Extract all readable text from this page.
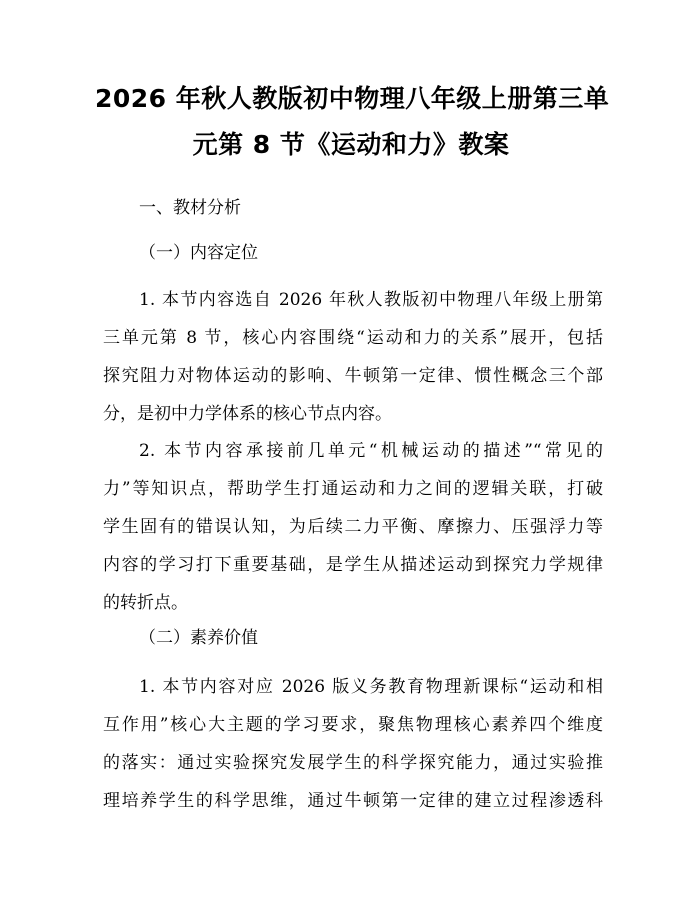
2026 年秋人教版初中物理八年级上册第三单
元第 8 节《运动和力》教案

一、教材分析

（一）内容定位

1. 本节内容选自 2026 年秋人教版初中物理八年级上册第
三单元第 8 节，核心内容围绕“运动和力的关系”展开，包括
探究阻力对物体运动的影响、牛顿第一定律、惯性概念三个部
分，是初中力学体系的核心节点内容。
2. 本节内容承接前几单元“机械运动的描述”“常见的
力”等知识点，帮助学生打通运动和力之间的逻辑关联，打破
学生固有的错误认知，为后续二力平衡、摩擦力、压强浮力等
内容的学习打下重要基础，是学生从描述运动到探究力学规律
的转折点。

（二）素养价值

1. 本节内容对应 2026 版义务教育物理新课标“运动和相
互作用”核心大主题的学习要求，聚焦物理核心素养四个维度
的落实：通过实验探究发展学生的科学探究能力，通过实验推
理培养学生的科学思维，通过牛顿第一定律的建立过程渗透科
